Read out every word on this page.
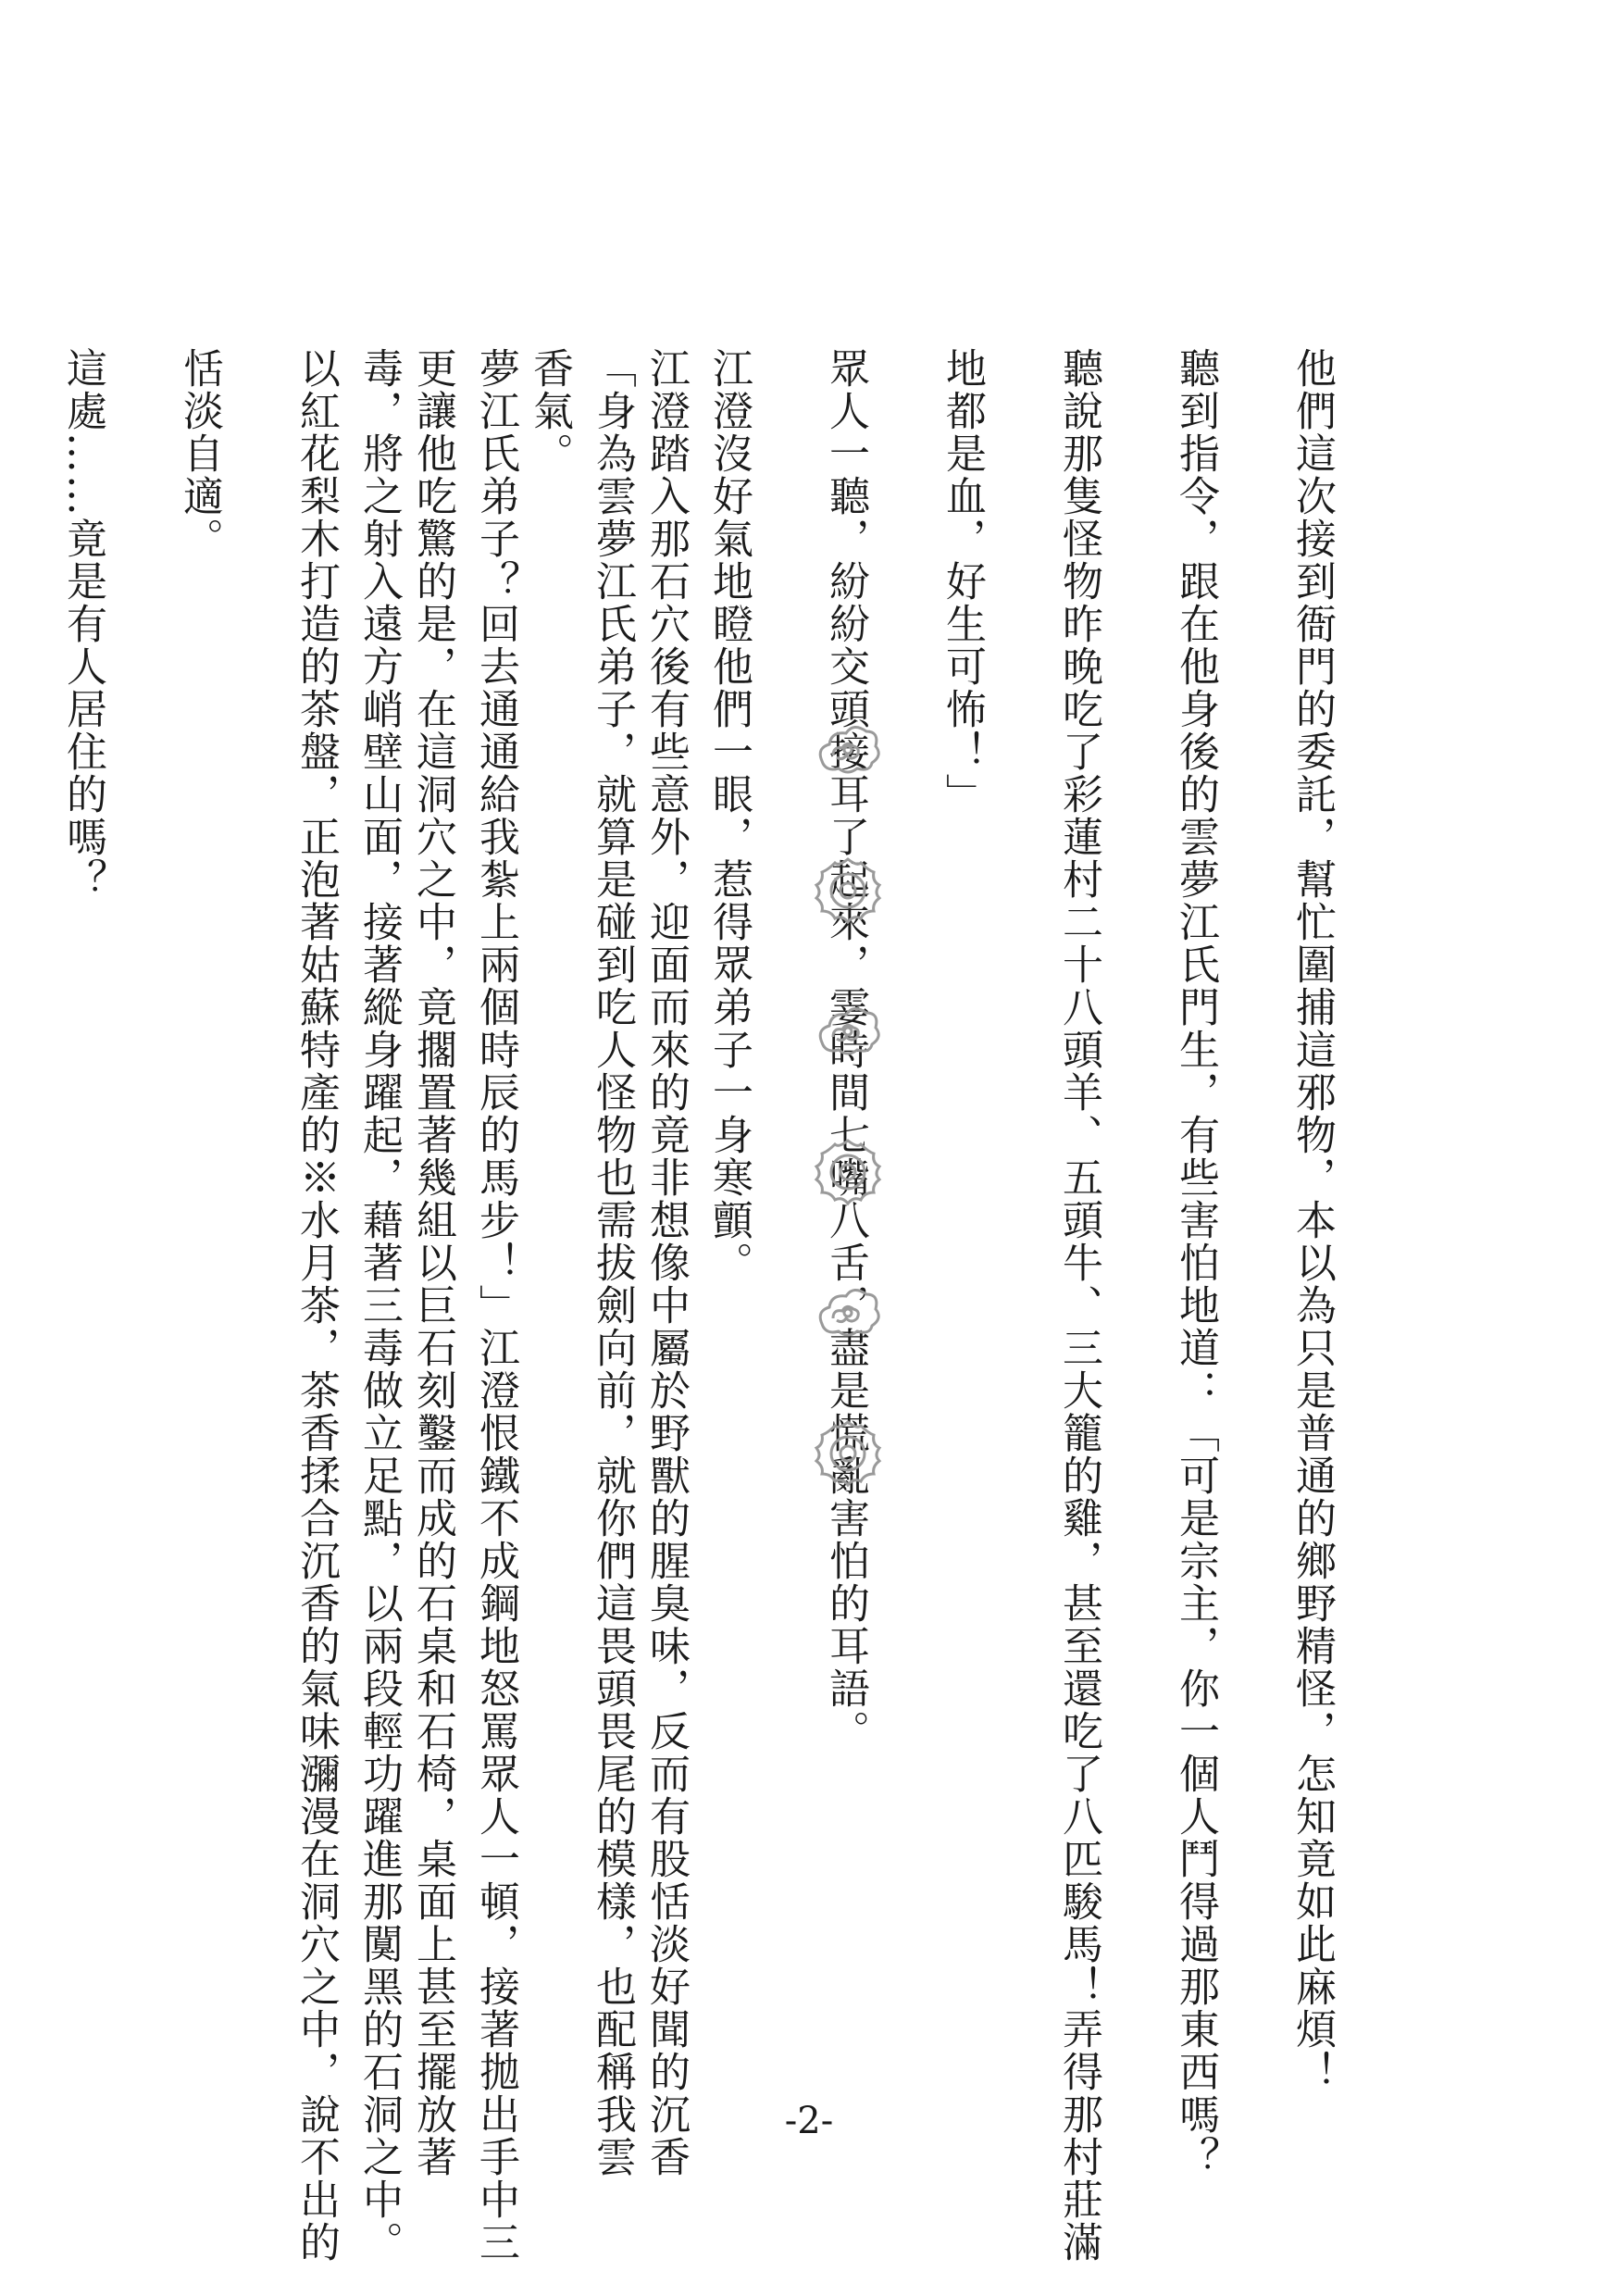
他們這次接到衙門的委託，幫忙圍捕這邪物，本以為只是普通的鄉野精怪，怎知竟如此麻煩！

聽到指令，跟在他身後的雲夢江氏門生，有些害怕地道：「可是宗主，你一個人鬥得過那東西嗎？

聽說那隻怪物昨晚吃了彩蓮村二十八頭羊、五頭牛、三大籠的雞，甚至還吃了八匹駿馬！弄得那村莊滿

地都是血，好生可怖！」

眾人一聽，紛紛交頭接耳了起來，霎時間七嘴八舌，盡是慌亂害怕的耳語。

江澄沒好氣地瞪他們一眼，惹得眾弟子一身寒顫。

「身為雲夢江氏弟子，就算是碰到吃人怪物也需拔劍向前，就你們這畏頭畏尾的模樣，也配稱我雲

夢江氏弟子？回去通通給我紮上兩個時辰的馬步！」江澄恨鐵不成鋼地怒罵眾人一頓，接著拋出手中三

毒，將之射入遠方峭壁山面，接著縱身躍起，藉著三毒做立足點，以兩段輕功躍進那闃黑的石洞之中。

	江澄踏入那石穴後有些意外，迎面而來的竟非想像中屬於野獸的腥臭味，反而有股恬淡好聞的沉香

香氣。

更讓他吃驚的是，在這洞穴之中，竟擱置著幾組以巨石刻鑿而成的石桌和石椅，桌面上甚至擺放著

以紅花梨木打造的茶盤，正泡著姑蘇特產的※水月茶，茶香揉合沉香的氣味瀰漫在洞穴之中，說不出的

恬淡自適。

這處……竟是有人居住的嗎？

-2-
